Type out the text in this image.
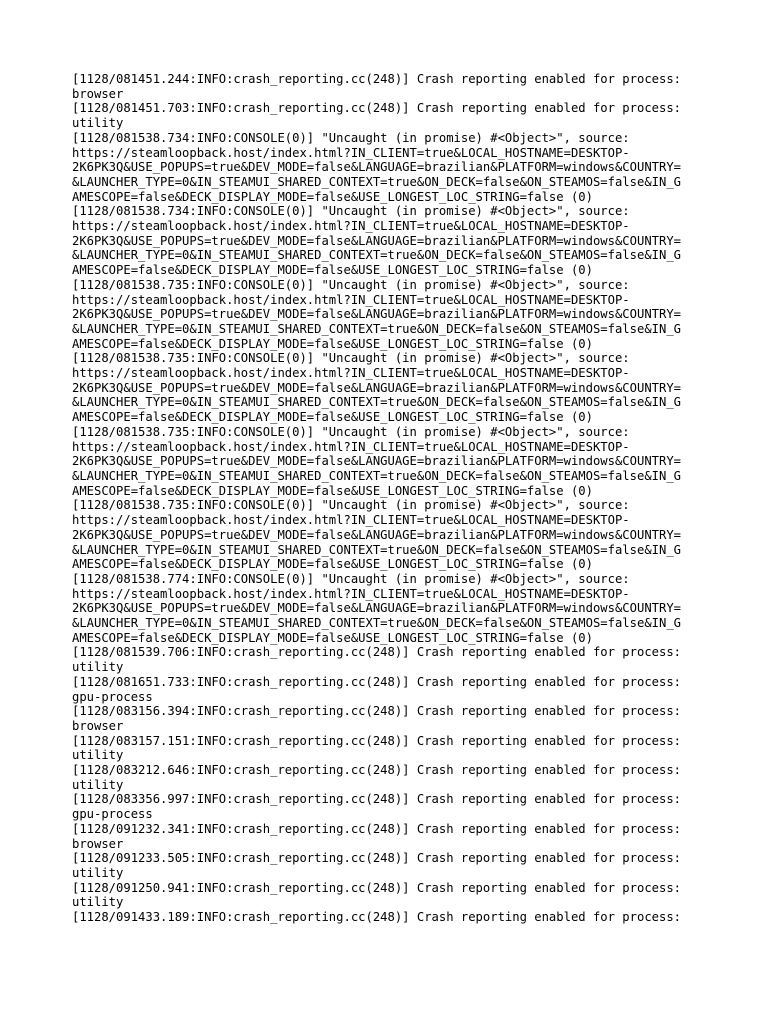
[1128/081451.244:INFO:crash_reporting.cc(248)] Crash reporting enabled for process:
browser
[1128/081451.703:INFO:crash_reporting.cc(248)] Crash reporting enabled for process:
utility
[1128/081538.734:INFO:CONSOLE(0)] "Uncaught (in promise) #<Object>", source:
https://steamloopback.host/index.html?IN_CLIENT=true&LOCAL_HOSTNAME=DESKTOP-
2K6PK3Q&USE_POPUPS=true&DEV_MODE=false&LANGUAGE=brazilian&PLATFORM=windows&COUNTRY=
&LAUNCHER_TYPE=0&IN_STEAMUI_SHARED_CONTEXT=true&ON_DECK=false&ON_STEAMOS=false&IN_G
AMESCOPE=false&DECK_DISPLAY_MODE=false&USE_LONGEST_LOC_STRING=false (0)
[1128/081538.734:INFO:CONSOLE(0)] "Uncaught (in promise) #<Object>", source:
https://steamloopback.host/index.html?IN_CLIENT=true&LOCAL_HOSTNAME=DESKTOP-
2K6PK3Q&USE_POPUPS=true&DEV_MODE=false&LANGUAGE=brazilian&PLATFORM=windows&COUNTRY=
&LAUNCHER_TYPE=0&IN_STEAMUI_SHARED_CONTEXT=true&ON_DECK=false&ON_STEAMOS=false&IN_G
AMESCOPE=false&DECK_DISPLAY_MODE=false&USE_LONGEST_LOC_STRING=false (0)
[1128/081538.735:INFO:CONSOLE(0)] "Uncaught (in promise) #<Object>", source:
https://steamloopback.host/index.html?IN_CLIENT=true&LOCAL_HOSTNAME=DESKTOP-
2K6PK3Q&USE_POPUPS=true&DEV_MODE=false&LANGUAGE=brazilian&PLATFORM=windows&COUNTRY=
&LAUNCHER_TYPE=0&IN_STEAMUI_SHARED_CONTEXT=true&ON_DECK=false&ON_STEAMOS=false&IN_G
AMESCOPE=false&DECK_DISPLAY_MODE=false&USE_LONGEST_LOC_STRING=false (0)
[1128/081538.735:INFO:CONSOLE(0)] "Uncaught (in promise) #<Object>", source:
https://steamloopback.host/index.html?IN_CLIENT=true&LOCAL_HOSTNAME=DESKTOP-
2K6PK3Q&USE_POPUPS=true&DEV_MODE=false&LANGUAGE=brazilian&PLATFORM=windows&COUNTRY=
&LAUNCHER_TYPE=0&IN_STEAMUI_SHARED_CONTEXT=true&ON_DECK=false&ON_STEAMOS=false&IN_G
AMESCOPE=false&DECK_DISPLAY_MODE=false&USE_LONGEST_LOC_STRING=false (0)
[1128/081538.735:INFO:CONSOLE(0)] "Uncaught (in promise) #<Object>", source:
https://steamloopback.host/index.html?IN_CLIENT=true&LOCAL_HOSTNAME=DESKTOP-
2K6PK3Q&USE_POPUPS=true&DEV_MODE=false&LANGUAGE=brazilian&PLATFORM=windows&COUNTRY=
&LAUNCHER_TYPE=0&IN_STEAMUI_SHARED_CONTEXT=true&ON_DECK=false&ON_STEAMOS=false&IN_G
AMESCOPE=false&DECK_DISPLAY_MODE=false&USE_LONGEST_LOC_STRING=false (0)
[1128/081538.735:INFO:CONSOLE(0)] "Uncaught (in promise) #<Object>", source:
https://steamloopback.host/index.html?IN_CLIENT=true&LOCAL_HOSTNAME=DESKTOP-
2K6PK3Q&USE_POPUPS=true&DEV_MODE=false&LANGUAGE=brazilian&PLATFORM=windows&COUNTRY=
&LAUNCHER_TYPE=0&IN_STEAMUI_SHARED_CONTEXT=true&ON_DECK=false&ON_STEAMOS=false&IN_G
AMESCOPE=false&DECK_DISPLAY_MODE=false&USE_LONGEST_LOC_STRING=false (0)
[1128/081538.774:INFO:CONSOLE(0)] "Uncaught (in promise) #<Object>", source:
https://steamloopback.host/index.html?IN_CLIENT=true&LOCAL_HOSTNAME=DESKTOP-
2K6PK3Q&USE_POPUPS=true&DEV_MODE=false&LANGUAGE=brazilian&PLATFORM=windows&COUNTRY=
&LAUNCHER_TYPE=0&IN_STEAMUI_SHARED_CONTEXT=true&ON_DECK=false&ON_STEAMOS=false&IN_G
AMESCOPE=false&DECK_DISPLAY_MODE=false&USE_LONGEST_LOC_STRING=false (0)
[1128/081539.706:INFO:crash_reporting.cc(248)] Crash reporting enabled for process:
utility
[1128/081651.733:INFO:crash_reporting.cc(248)] Crash reporting enabled for process:
gpu-process
[1128/083156.394:INFO:crash_reporting.cc(248)] Crash reporting enabled for process:
browser
[1128/083157.151:INFO:crash_reporting.cc(248)] Crash reporting enabled for process:
utility
[1128/083212.646:INFO:crash_reporting.cc(248)] Crash reporting enabled for process:
utility
[1128/083356.997:INFO:crash_reporting.cc(248)] Crash reporting enabled for process:
gpu-process
[1128/091232.341:INFO:crash_reporting.cc(248)] Crash reporting enabled for process:
browser
[1128/091233.505:INFO:crash_reporting.cc(248)] Crash reporting enabled for process:
utility
[1128/091250.941:INFO:crash_reporting.cc(248)] Crash reporting enabled for process:
utility
[1128/091433.189:INFO:crash_reporting.cc(248)] Crash reporting enabled for process:
